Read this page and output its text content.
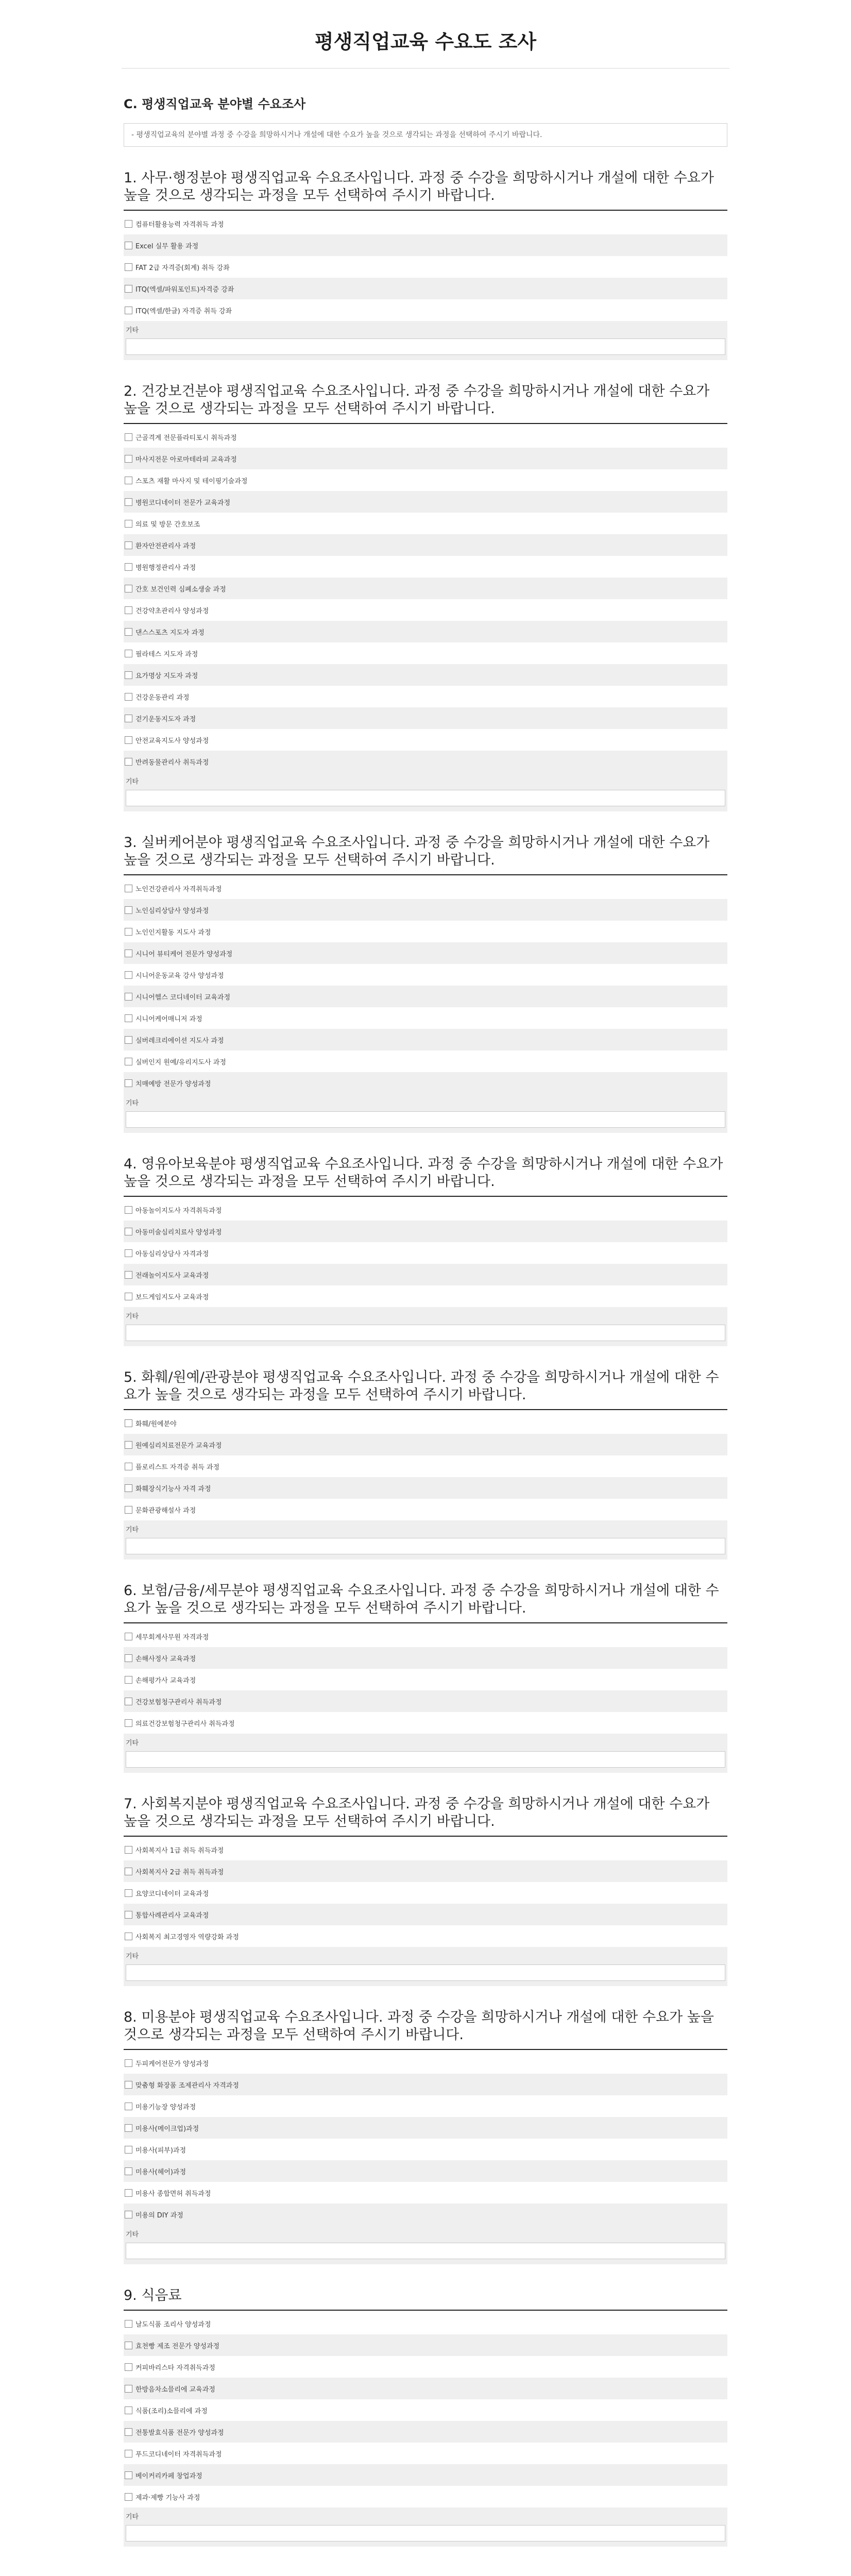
평생직업교육 수요도 조사
C. 평생직업교육 분야별 수요조사
- 평생직업교육의 분야별 과정 중 수강을 희망하시거나 개설에 대한 수요가 높을 것으로 생각되는 과정을 선택하여 주시기 바랍니다.
1. 사무·행정분야 평생직업교육 수요조사입니다. 과정 중 수강을 희망하시거나 개설에 대한 수요가 높을 것으로 생각되는 과정을 모두 선택하여 주시기 바랍니다.
컴퓨터활용능력 자격취득 과정
Excel 실무 활용 과정
FAT 2급 자격증(회계) 취득 강좌
ITQ(엑셀/파워포인트)자격증 강좌
ITQ(엑셀/한글) 자격증 취득 강좌
기타
2. 건강보건분야 평생직업교육 수요조사입니다. 과정 중 수강을 희망하시거나 개설에 대한 수요가 높을 것으로 생각되는 과정을 모두 선택하여 주시기 바랍니다.
근골격계 전문플라티포시 취득과정
마사지전문 아로마테라피 교육과정
스포츠 재활 마사지 및 테이핑기술과정
병원코디네이터 전문가 교육과정
의료 및 방문 간호보조
환자안전관리사 과정
병원행정관리사 과정
간호 보건인력 심폐소생술 과정
건강약초관리사 양성과정
댄스스포츠 지도자 과정
필라테스 지도자 과정
요가명상 지도자 과정
건강운동관리 과정
걷기운동지도자 과정
안전교육지도사 양성과정
반려동물관리사 취득과정
기타
3. 실버케어분야 평생직업교육 수요조사입니다. 과정 중 수강을 희망하시거나 개설에 대한 수요가 높을 것으로 생각되는 과정을 모두 선택하여 주시기 바랍니다.
노인건강관리사 자격취득과정
노인심리상담사 양성과정
노인인지활동 지도사 과정
시니어 뷰티케어 전문가 양성과정
시니어운동교육 강사 양성과정
시니어헬스 코디네이터 교육과정
시니어케어매니저 과정
실버레크리에이션 지도사 과정
실버인지 원예/유리지도사 과정
치매예방 전문가 양성과정
기타
4. 영유아보육분야 평생직업교육 수요조사입니다. 과정 중 수강을 희망하시거나 개설에 대한 수요가 높을 것으로 생각되는 과정을 모두 선택하여 주시기 바랍니다.
아동놀이지도사 자격취득과정
아동미술심리치료사 양성과정
아동심리상담사 자격과정
전래놀이지도사 교육과정
보드게임지도사 교육과정
기타
5. 화훼/원예/관광분야 평생직업교육 수요조사입니다. 과정 중 수강을 희망하시거나 개설에 대한 수요가 높을 것으로 생각되는 과정을 모두 선택하여 주시기 바랍니다.
화훼/원예분야
원예심리치료전문가 교육과정
플로리스트 자격증 취득 과정
화훼장식기능사 자격 과정
문화관광해설사 과정
기타
6. 보험/금융/세무분야 평생직업교육 수요조사입니다. 과정 중 수강을 희망하시거나 개설에 대한 수요가 높을 것으로 생각되는 과정을 모두 선택하여 주시기 바랍니다.
세무회계사무원 자격과정
손해사정사 교육과정
손해평가사 교육과정
건강보험청구관리사 취득과정
의료건강보험청구관리사 취득과정
기타
7. 사회복지분야 평생직업교육 수요조사입니다. 과정 중 수강을 희망하시거나 개설에 대한 수요가 높을 것으로 생각되는 과정을 모두 선택하여 주시기 바랍니다.
사회복지사 1급 취득 취득과정
사회복지사 2급 취득 취득과정
요양코디네이터 교육과정
통합사례관리사 교육과정
사회복지 최고경영자 역량강화 과정
기타
8. 미용분야 평생직업교육 수요조사입니다. 과정 중 수강을 희망하시거나 개설에 대한 수요가 높을 것으로 생각되는 과정을 모두 선택하여 주시기 바랍니다.
두피케어전문가 양성과정
맞춤형 화장품 조제관리사 자격과정
미용기능장 양성과정
미용사(메이크업)과정
미용사(피부)과정
미용사(헤어)과정
미용사 종합면허 취득과정
미용의 DIY 과정
기타
9. 식음료
날도식품 조리사 양성과정
효천빵 제조 전문가 양성과정
커피바리스타 자격취득과정
한방음차소믈리에 교육과정
식품(조리)소믈리에 과정
전통발효식품 전문가 양성과정
푸드코디네이터 자격취득과정
베이커리카페 창업과정
제과·제빵 기능사 과정
기타
